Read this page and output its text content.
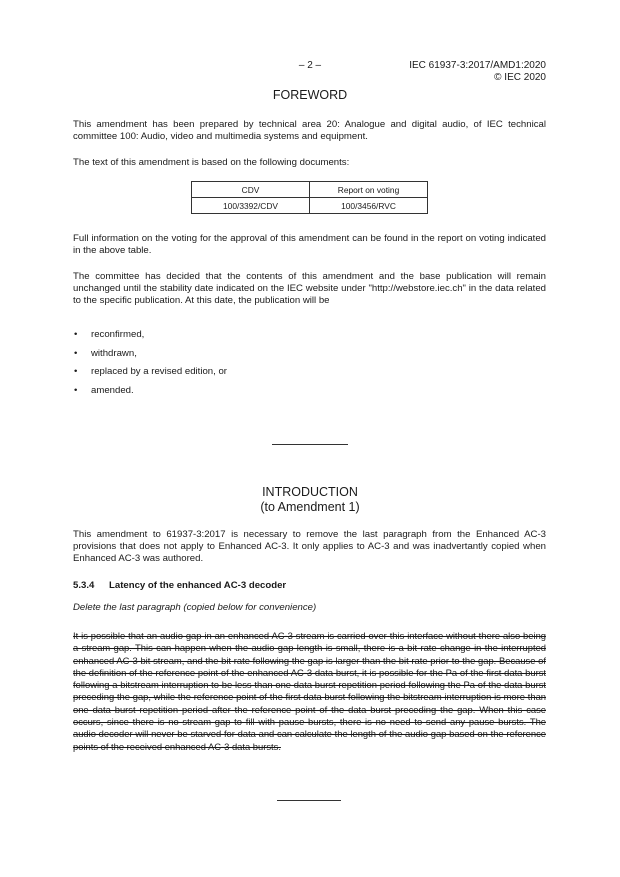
– 2 –	IEC 61937-3:2017/AMD1:2020
© IEC 2020
FOREWORD

This amendment has been prepared by technical area 20: Analogue and digital audio, of IEC technical committee 100: Audio, video and multimedia systems and equipment.

The text of this amendment is based on the following documents:

CDV	Report on voting
100/3392/CDV	100/3456/RVC

Full information on the voting for the approval of this amendment can be found in the report on voting indicated in the above table.

The committee has decided that the contents of this amendment and the base publication will remain unchanged until the stability date indicated on the IEC website under "http://webstore.iec.ch" in the data related to the specific publication. At this date, the publication will be

• reconfirmed,
• withdrawn,
• replaced by a revised edition, or
• amended.
INTRODUCTION
(to Amendment 1)

This amendment to 61937-3:2017 is necessary to remove the last paragraph from the Enhanced AC-3 provisions that does not apply to Enhanced AC-3. It only applies to AC-3 and was inadvertantly copied when Enhanced AC-3 was authored.

5.3.4 Latency of the enhanced AC-3 decoder
Delete the last paragraph (copied below for convenience)

It is possible that an audio gap in an enhanced AC-3 stream is carried over this interface without there also being a stream gap. This can happen when the audio gap length is small, there is a bit rate change in the interrupted enhanced AC-3 bit stream, and the bit rate following the gap is larger than the bit rate prior to the gap. Because of the definition of the reference point of the enhanced AC-3 data burst, it is possible for the Pa of the first data burst following a bitstream interruption to be less than one data burst repetition period following the Pa of the data burst preceding the gap, while the reference point of the first data burst following the bitstream interruption is more than one data burst repetition period after the reference point of the data burst preceding the gap. When this case occurs, since there is no stream gap to fill with pause bursts, there is no need to send any pause bursts. The audio decoder will never be starved for data and can calculate the length of the audio gap based on the reference points of the received enhanced AC-3 data bursts.
